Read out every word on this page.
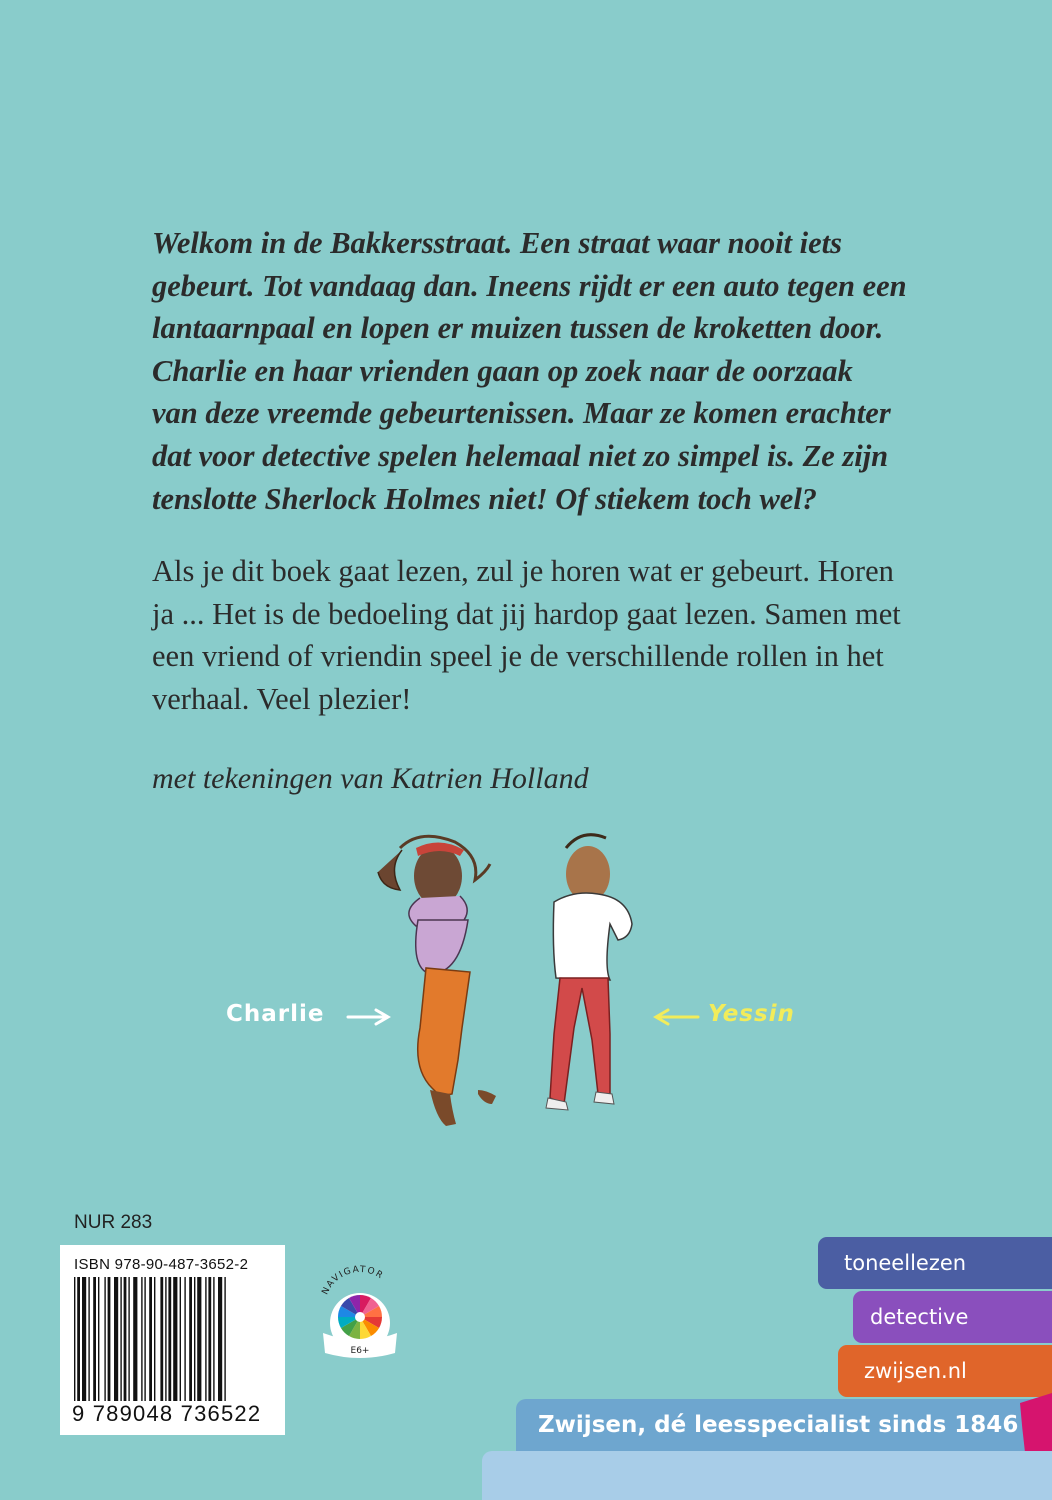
Welkom in de Bakkersstraat. Een straat waar nooit iets
gebeurt. Tot vandaag dan. Ineens rijdt er een auto tegen een
lantaarnpaal en lopen er muizen tussen de kroketten door.
Charlie en haar vrienden gaan op zoek naar de oorzaak
van deze vreemde gebeurtenissen. Maar ze komen erachter
dat voor detective spelen helemaal niet zo simpel is. Ze zijn
tenslotte Sherlock Holmes niet! Of stiekem toch wel?

Als je dit boek gaat lezen, zul je horen wat er gebeurt. Horen
ja ... Het is de bedoeling dat jij hardop gaat lezen. Samen met
een vriend of vriendin speel je de verschillende rollen in het
verhaal. Veel plezier!

met tekeningen van Katrien Holland

Charlie	Yessin
NUR 283
ISBN 978-90-487-3652-2
9 789048 736522
NAVIGATOR
E6+
toneellezen
detective
zwijsen.nl
Zwijsen, dé leesspecialist sinds 1846
